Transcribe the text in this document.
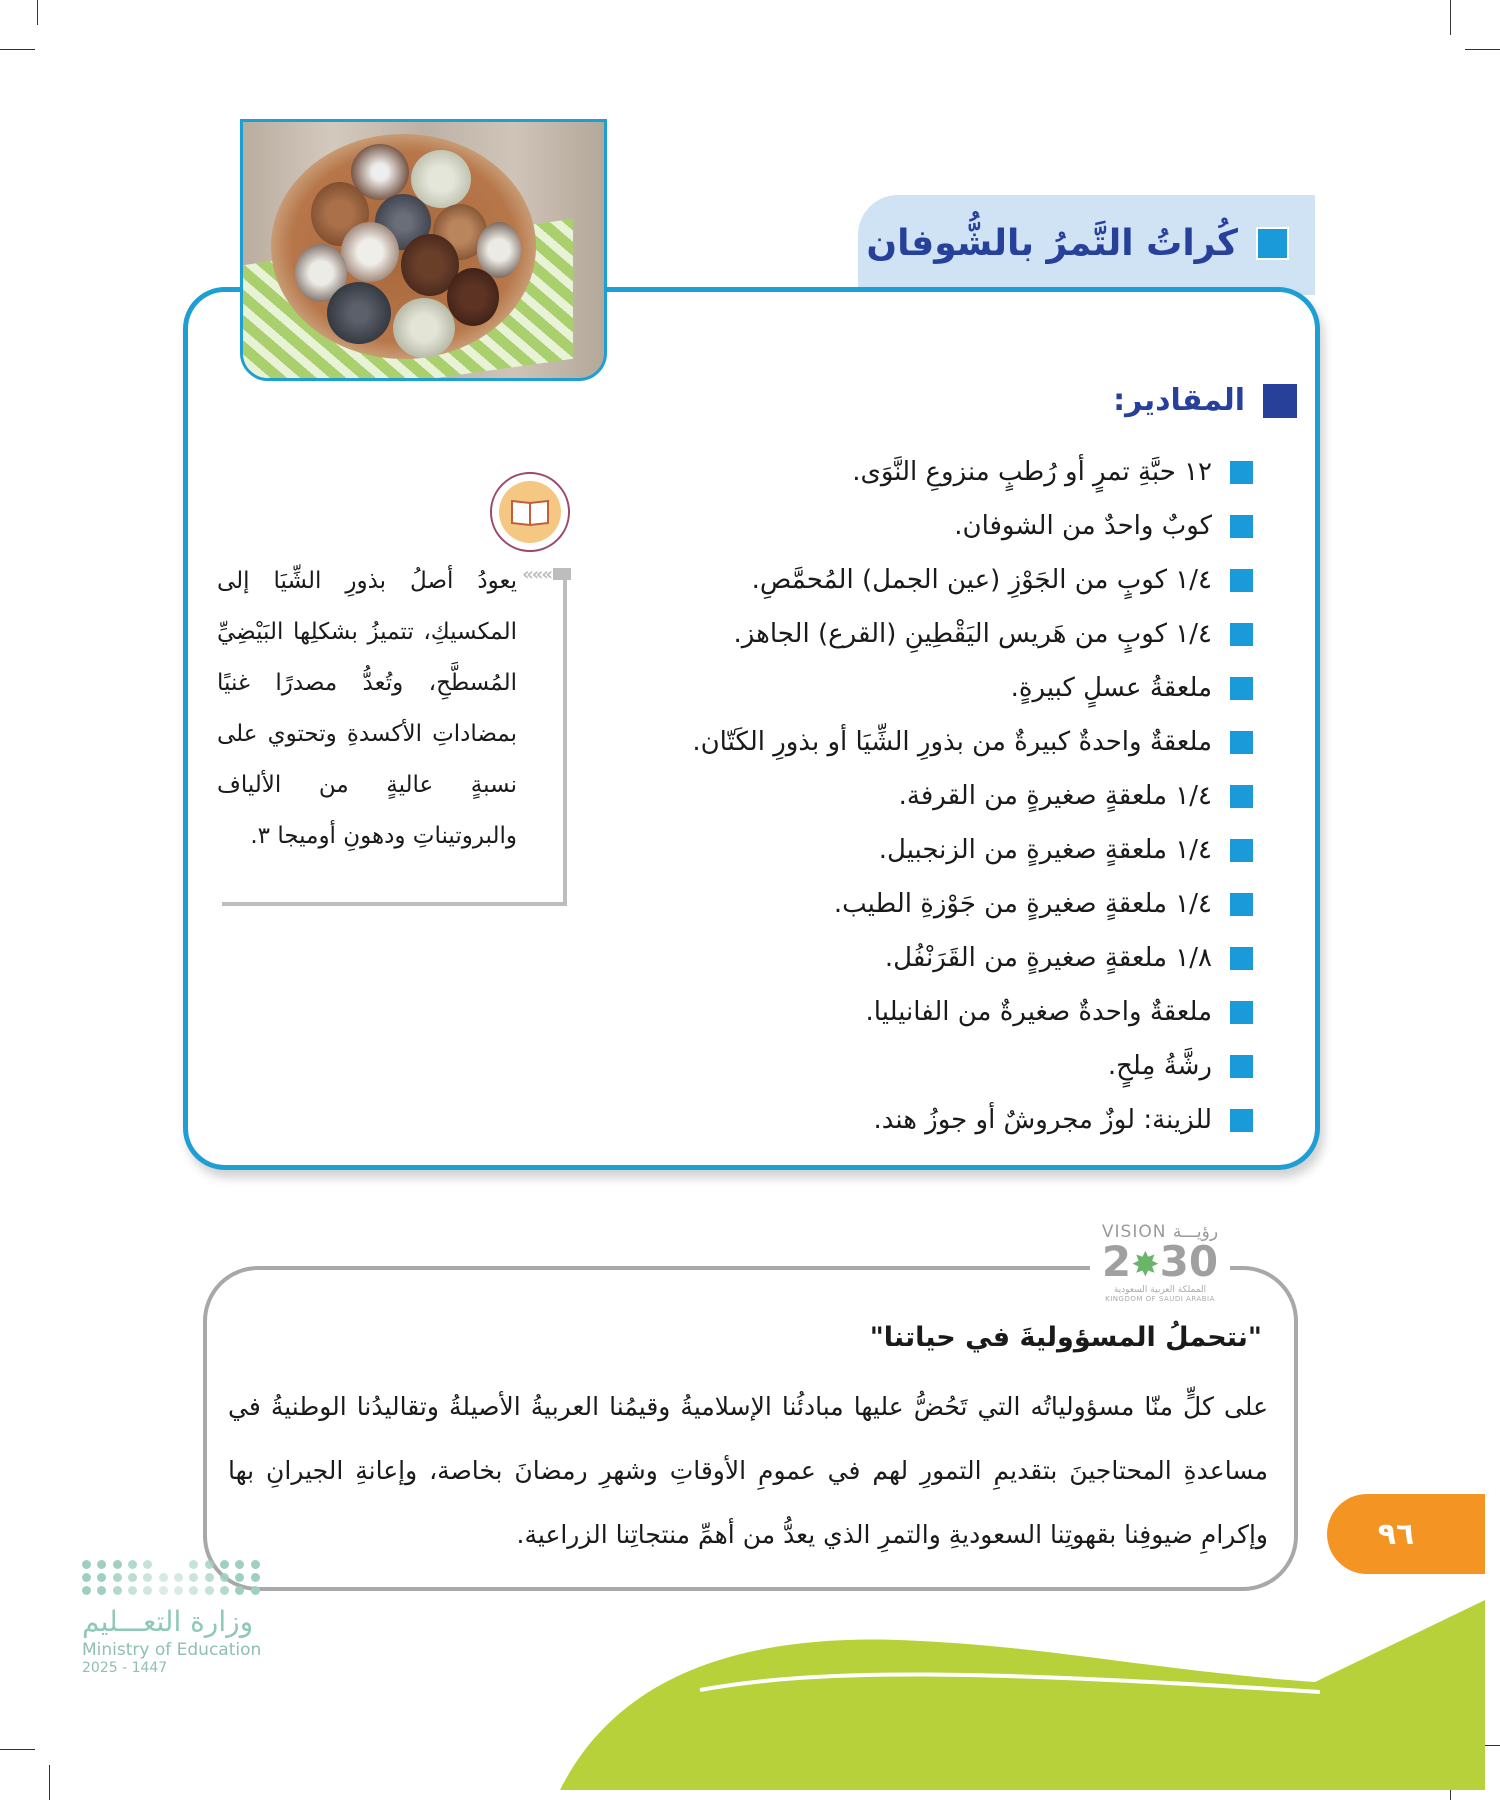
كُراتُ التَّمرُ بالشُّوفان
المقادير:
١٢ حبَّةِ تمرٍ أو رُطبٍ منزوعِ النَّوَى.
كوبٌ واحدٌ من الشوفان.
١/٤ كوبٍ من الجَوْزِ (عين الجمل) المُحمَّصِ.
١/٤ كوبٍ من هَريس اليَقْطِينِ (القرع) الجاهز.
ملعقةُ عسلٍ كبيرةٍ.
ملعقةٌ واحدةٌ كبيرةٌ من بذورِ الشِّيَا أو بذورِ الكَتّان.
١/٤ ملعقةٍ صغيرةٍ من القرفة.
١/٤ ملعقةٍ صغيرةٍ من الزنجبيل.
١/٤ ملعقةٍ صغيرةٍ من جَوْزةِ الطيب.
١/٨ ملعقةٍ صغيرةٍ من القَرَنْفُل.
ملعقةٌ واحدةٌ صغيرةٌ من الفانيليا.
رشَّةُ مِلحٍ.
للزينة: لوزٌ مجروشٌ أو جوزُ هند.
«««
يعودُ أصلُ بذورِ الشِّيَا إلى المكسيكِ، تتميزُ بشكلِها البَيْضِيِّ المُسطَّحِ، وتُعدُّ مصدرًا غنيًا بمضاداتِ الأكسدةِ وتحتوي على نسبةٍ عاليةٍ من الألياف والبروتيناتِ ودهونِ أوميجا ٣.
VISION رؤيـــة
2✸30
المملكة العربية السعودية
KINGDOM OF SAUDI ARABIA
"نتحملُ المسؤوليةَ في حياتنا"
على كلٍّ منّا مسؤولياتُه التي تَحُضُّ عليها مبادئُنا الإسلاميةُ وقيمُنا العربيةُ الأصيلةُ وتقاليدُنا الوطنيةُ في مساعدةِ المحتاجينَ بتقديمِ التمورِ لهم في عمومِ الأوقاتِ وشهرِ رمضانَ بخاصة، وإعانةِ الجيرانِ بها وإكرامِ ضيوفِنا بقهوتِنا السعوديةِ والتمرِ الذي يعدُّ من أهمِّ منتجاتِنا الزراعية.	٩٦
وزارة التعـــليم
Ministry of Education
2025 - 1447
